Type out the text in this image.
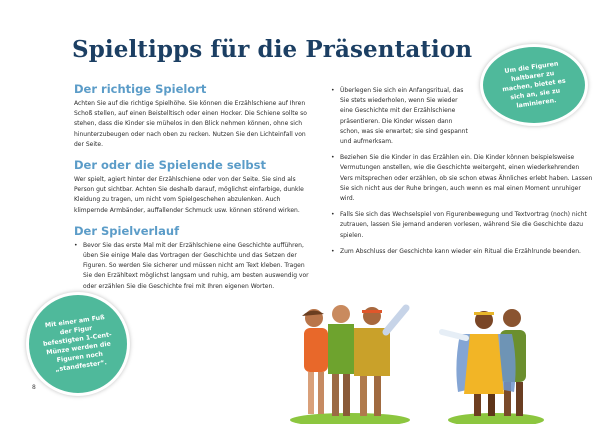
Spieltipps für die Präsentation
Der richtige Spielort

Achten Sie auf die richtige Spielhöhe. Sie können die Erzählschiene auf Ihren Schoß stellen, auf einen Beistelltisch oder einen Hocker. Die Schiene sollte so stehen, dass die Kinder sie mühelos in den Blick nehmen können, ohne sich hinunterzubeugen oder nach oben zu recken. Nutzen Sie den Lichteinfall von der Seite.

Der oder die Spielende selbst

Wer spielt, agiert hinter der Erzählschiene oder von der Seite. Sie sind als Person gut sichtbar. Achten Sie deshalb darauf, möglichst einfarbige, dunkle Kleidung zu tragen, um nicht vom Spielgeschehen abzulenken. Auch klimpernde Armbänder, auffallender Schmuck usw. können störend wirken.

Der Spielverlauf
• Bevor Sie das erste Mal mit der Erzählschiene eine Geschichte aufführen, üben Sie einige Male das Vortragen der Geschichte und das Setzen der Figuren. So werden Sie sicherer und müssen nicht am Text kleben. Tragen Sie den Erzähltext möglichst langsam und ruhig, am besten auswendig vor oder erzählen Sie die Geschichte frei mit Ihren eigenen Worten.
• Überlegen Sie sich ein Anfangsritual, das Sie stets wiederholen, wenn Sie wieder eine Geschichte mit der Erzählschiene präsentieren. Die Kinder wissen dann schon, was sie erwartet; sie sind gespannt und aufmerksam.
• Beziehen Sie die Kinder in das Erzählen ein. Die Kinder können beispielsweise Vermutungen anstellen, wie die Geschichte weitergeht, einen wiederkehrenden Vers mitsprechen oder erzählen, ob sie schon etwas Ähnliches erlebt haben. Lassen Sie sich nicht aus der Ruhe bringen, auch wenn es mal einen Moment unruhiger wird.
• Falls Sie sich das Wechselspiel von Figurenbewegung und Textvortrag (noch) nicht zutrauen, lassen Sie jemand anderen vorlesen, während Sie die Geschichte dazu spielen.
• Zum Abschluss der Geschichte kann wieder ein Ritual die Erzählrunde beenden.
Um die Figuren haltbarer zu machen, bietet es sich an, sie zu laminieren.
Mit einer am Fuß der Figur befestigten 1-Cent-Münze werden die Figuren noch „standfester“.
8
